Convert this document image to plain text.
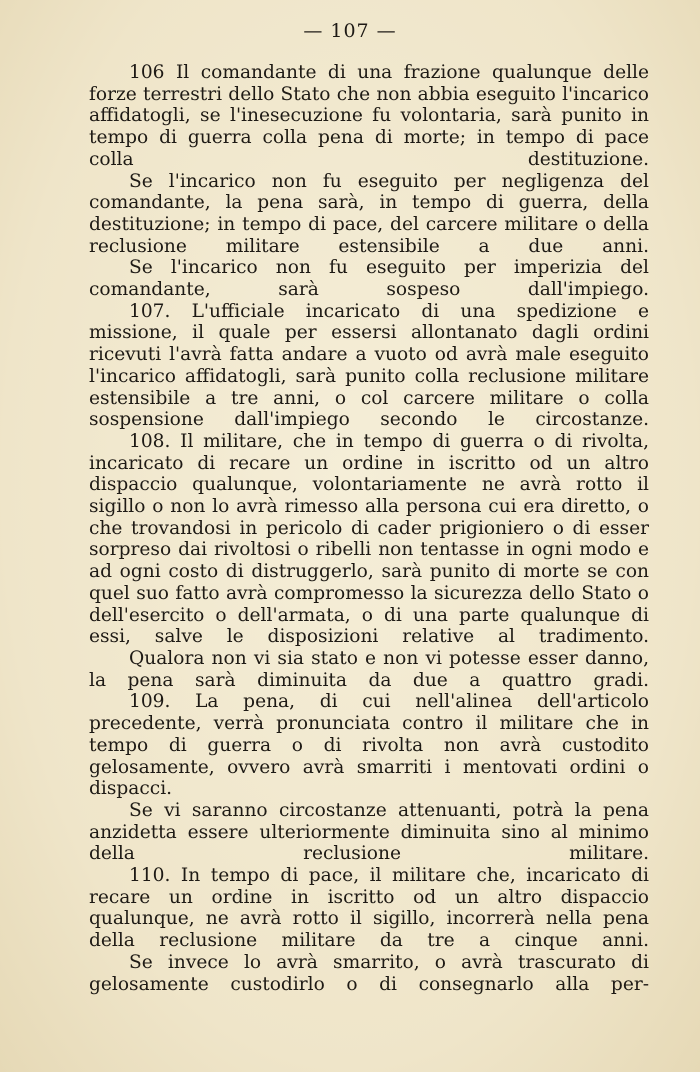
— 107 —

106 Il comandante di una frazione qualunque delle forze terrestri dello Stato che non abbia eseguito l'incarico affidatogli, se l'inesecuzione fu volontaria, sarà punito in tempo di guerra colla pena di morte; in tempo di pace colla destituzione.

Se l'incarico non fu eseguito per negligenza del comandante, la pena sarà, in tempo di guerra, della destituzione; in tempo di pace, del carcere militare o della reclusione militare estensibile a due anni.

Se l'incarico non fu eseguito per imperizia del comandante, sarà sospeso dall'impiego.

107. L'ufficiale incaricato di una spedizione e missione, il quale per essersi allontanato dagli ordini ricevuti l'avrà fatta andare a vuoto od avrà male eseguito l'incarico affidatogli, sarà punito colla reclusione militare estensibile a tre anni, o col carcere militare o colla sospensione dall'impiego secondo le circostanze.

108. Il militare, che in tempo di guerra o di rivolta, incaricato di recare un ordine in iscritto od un altro dispaccio qualunque, volontariamente ne avrà rotto il sigillo o non lo avrà rimesso alla persona cui era diretto, o che trovandosi in pericolo di cader prigioniero o di esser sorpreso dai rivoltosi o ribelli non tentasse in ogni modo e ad ogni costo di distruggerlo, sarà punito di morte se con quel suo fatto avrà compromesso la sicurezza dello Stato o dell'esercito o dell'armata, o di una parte qualunque di essi, salve le disposizioni relative al tradimento.

Qualora non vi sia stato e non vi potesse esser danno, la pena sarà diminuita da due a quattro gradi.

109. La pena, di cui nell'alinea dell'articolo precedente, verrà pronunciata contro il militare che in tempo di guerra o di rivolta non avrà custodito gelosamente, ovvero avrà smarriti i mentovati ordini o dispacci.

Se vi saranno circostanze attenuanti, potrà la pena anzidetta essere ulteriormente diminuita sino al minimo della reclusione militare.

110. In tempo di pace, il militare che, incaricato di recare un ordine in iscritto od un altro dispaccio qualunque, ne avrà rotto il sigillo, incorrerà nella pena della reclusione militare da tre a cinque anni.

Se invece lo avrà smarrito, o avrà trascurato di gelosamente custodirlo o di consegnarlo alla per-
